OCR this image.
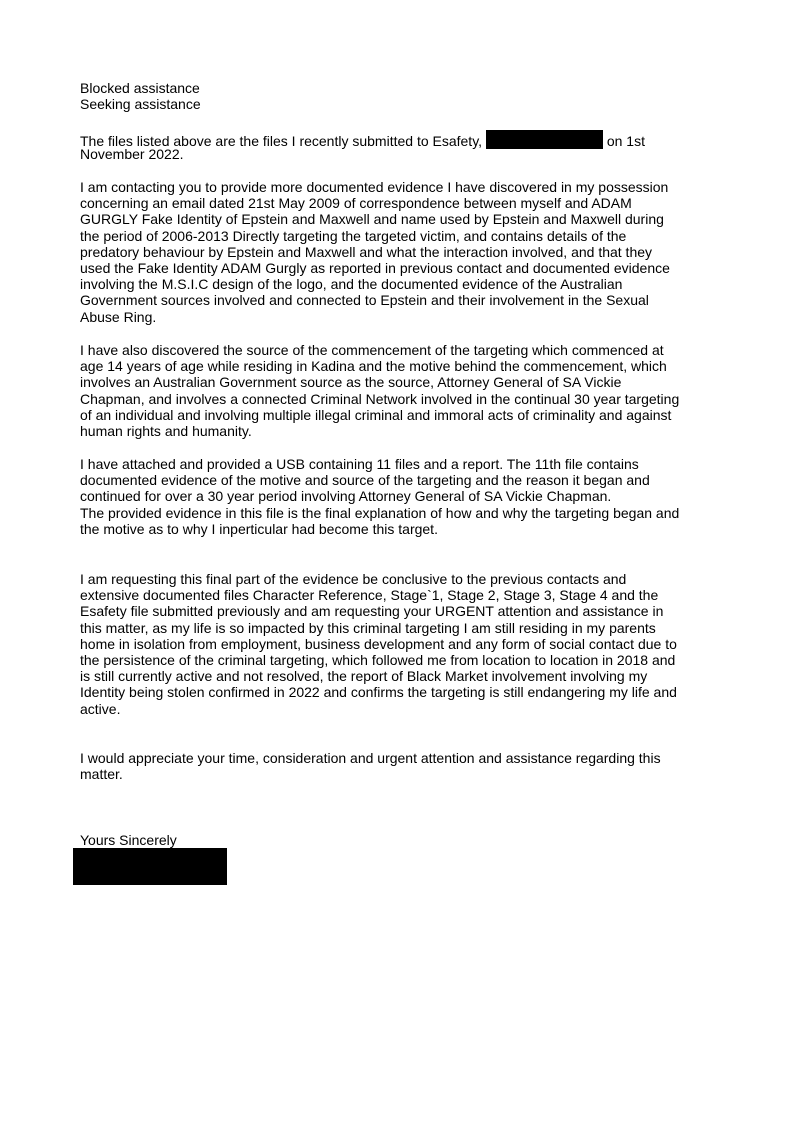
Blocked assistance

Seeking assistance

The files listed above are the files I recently submitted to Esafety,	on 1st

November 2022.

I am contacting you to provide more documented evidence I have discovered in my possession
concerning an email dated 21st May 2009 of correspondence between myself and ADAM
GURGLY Fake Identity of Epstein and Maxwell and name used by Epstein and Maxwell during
the period of 2006-2013 Directly targeting the targeted victim, and contains details of the
predatory behaviour by Epstein and Maxwell and what the interaction involved, and that they
used the Fake Identity ADAM Gurgly as reported in previous contact and documented evidence
involving the M.S.I.C design of the logo, and the documented evidence of the Australian
Government sources involved and connected to Epstein and their involvement in the Sexual
Abuse Ring.

I have also discovered the source of the commencement of the targeting which commenced at
age 14 years of age while residing in Kadina and the motive behind the commencement, which
involves an Australian Government source as the source, Attorney General of SA Vickie
Chapman, and involves a connected Criminal Network involved in the continual 30 year targeting
of an individual and involving multiple illegal criminal and immoral acts of criminality and against
human rights and humanity.

I have attached and provided a USB containing 11 files and a report. The 11th file contains
documented evidence of the motive and source of the targeting and the reason it began and
continued for over a 30 year period involving Attorney General of SA Vickie Chapman.
The provided evidence in this file is the final explanation of how and why the targeting began and
the motive as to why I inperticular had become this target.

I am requesting this final part of the evidence be conclusive to the previous contacts and
extensive documented files Character Reference, Stage`1, Stage 2, Stage 3, Stage 4 and the
Esafety file submitted previously and am requesting your URGENT attention and assistance in
this matter, as my life is so impacted by this criminal targeting I am still residing in my parents
home in isolation from employment, business development and any form of social contact due to
the persistence of the criminal targeting, which followed me from location to location in 2018 and
is still currently active and not resolved, the report of Black Market involvement involving my
Identity being stolen confirmed in 2022 and confirms the targeting is still endangering my life and
active.

I would appreciate your time, consideration and urgent attention and assistance regarding this
matter.

Yours Sincerely
